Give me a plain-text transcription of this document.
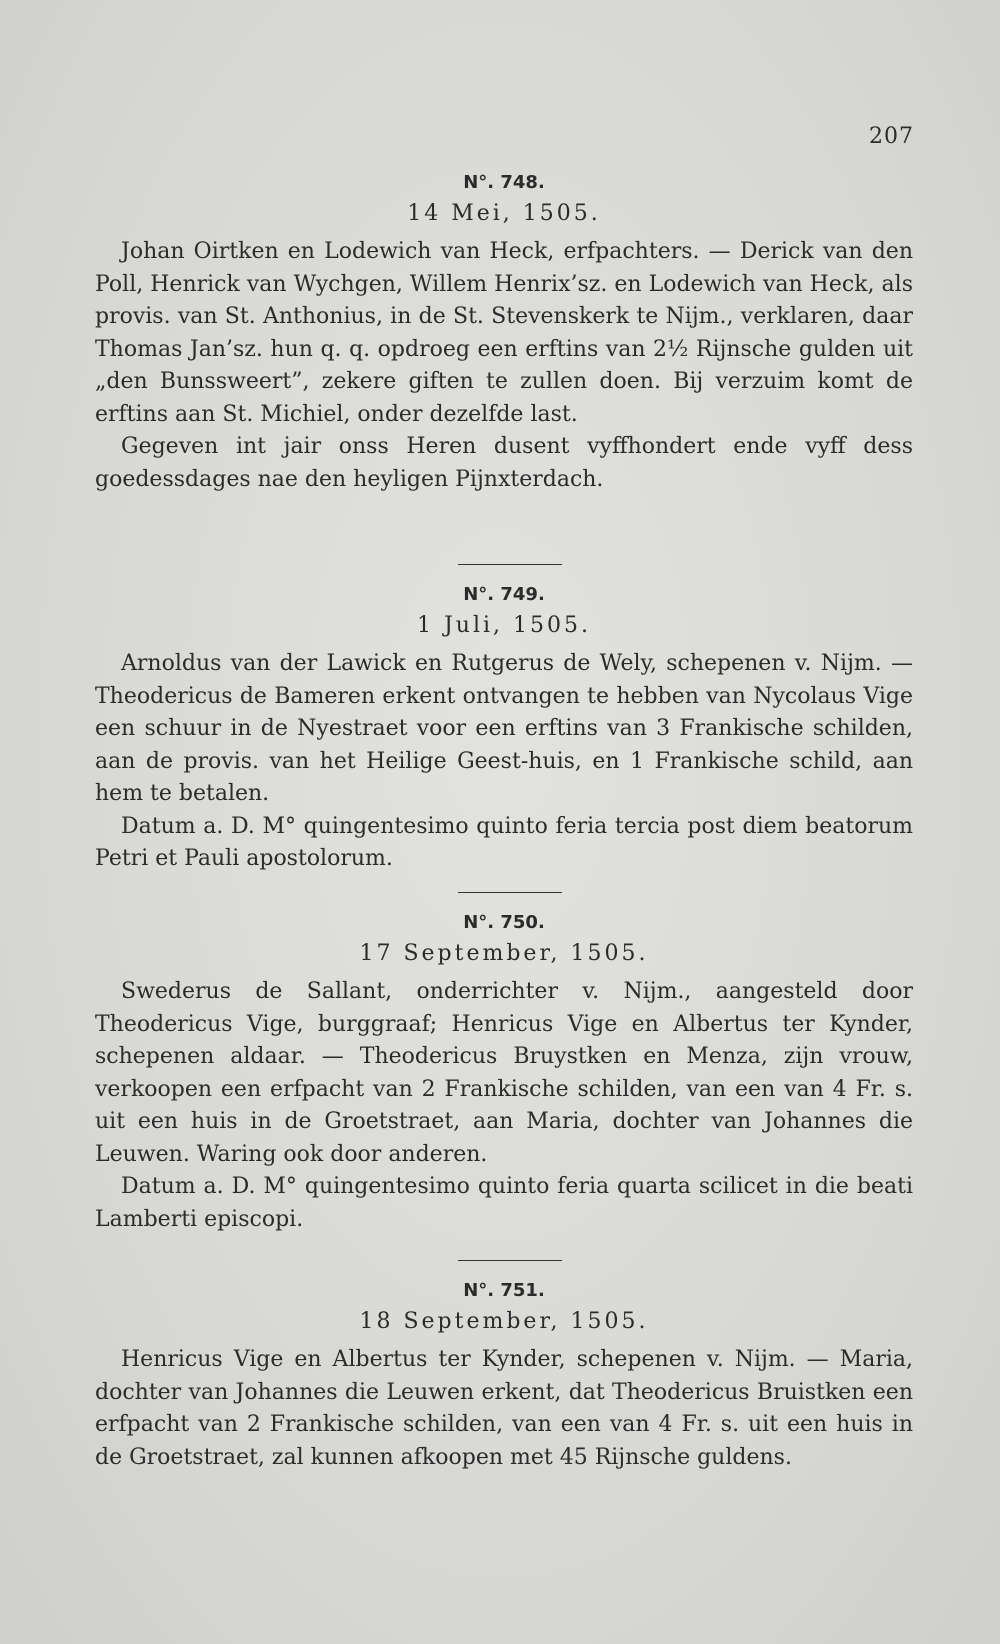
207
N°. 748.
14 Mei, 1505.

Johan Oirtken en Lodewich van Heck, erfpachters. — Derick van den Poll, Henrick van Wychgen, Willem Henrix’sz. en Lodewich van Heck, als provis. van St. Anthonius, in de St. Stevenskerk te Nijm., verklaren, daar Thomas Jan’sz. hun q. q. opdroeg een erftins van 2½ Rijnsche gulden uit „den Bunssweert”, zekere giften te zullen doen. Bij verzuim komt de erftins aan St. Michiel, onder dezelfde last.

Gegeven int jair onss Heren dusent vyffhondert ende vyff dess goedessdages nae den heyligen Pijnxterdach.

N°. 749.
1 Juli, 1505.

Arnoldus van der Lawick en Rutgerus de Wely, schepenen v. Nijm. — Theodericus de Bameren erkent ontvangen te hebben van Nycolaus Vige een schuur in de Nyestraet voor een erftins van 3 Frankische schilden, aan de provis. van het Heilige Geest-huis, en 1 Frankische schild, aan hem te betalen.

Datum a. D. M° quingentesimo quinto feria tercia post diem beatorum Petri et Pauli apostolorum.

N°. 750.
17 September, 1505.

Swederus de Sallant, onderrichter v. Nijm., aangesteld door Theodericus Vige, burggraaf; Henricus Vige en Albertus ter Kynder, schepenen aldaar. — Theodericus Bruystken en Menza, zijn vrouw, verkoopen een erfpacht van 2 Frankische schilden, van een van 4 Fr. s. uit een huis in de Groetstraet, aan Maria, dochter van Johannes die Leuwen. Waring ook door anderen.

Datum a. D. M° quingentesimo quinto feria quarta scilicet in die beati Lamberti episcopi.

N°. 751.
18 September, 1505.

Henricus Vige en Albertus ter Kynder, schepenen v. Nijm. — Maria, dochter van Johannes die Leuwen erkent, dat Theodericus Bruistken een erfpacht van 2 Frankische schilden, van een van 4 Fr. s. uit een huis in de Groetstraet, zal kunnen afkoopen met 45 Rijnsche guldens.
